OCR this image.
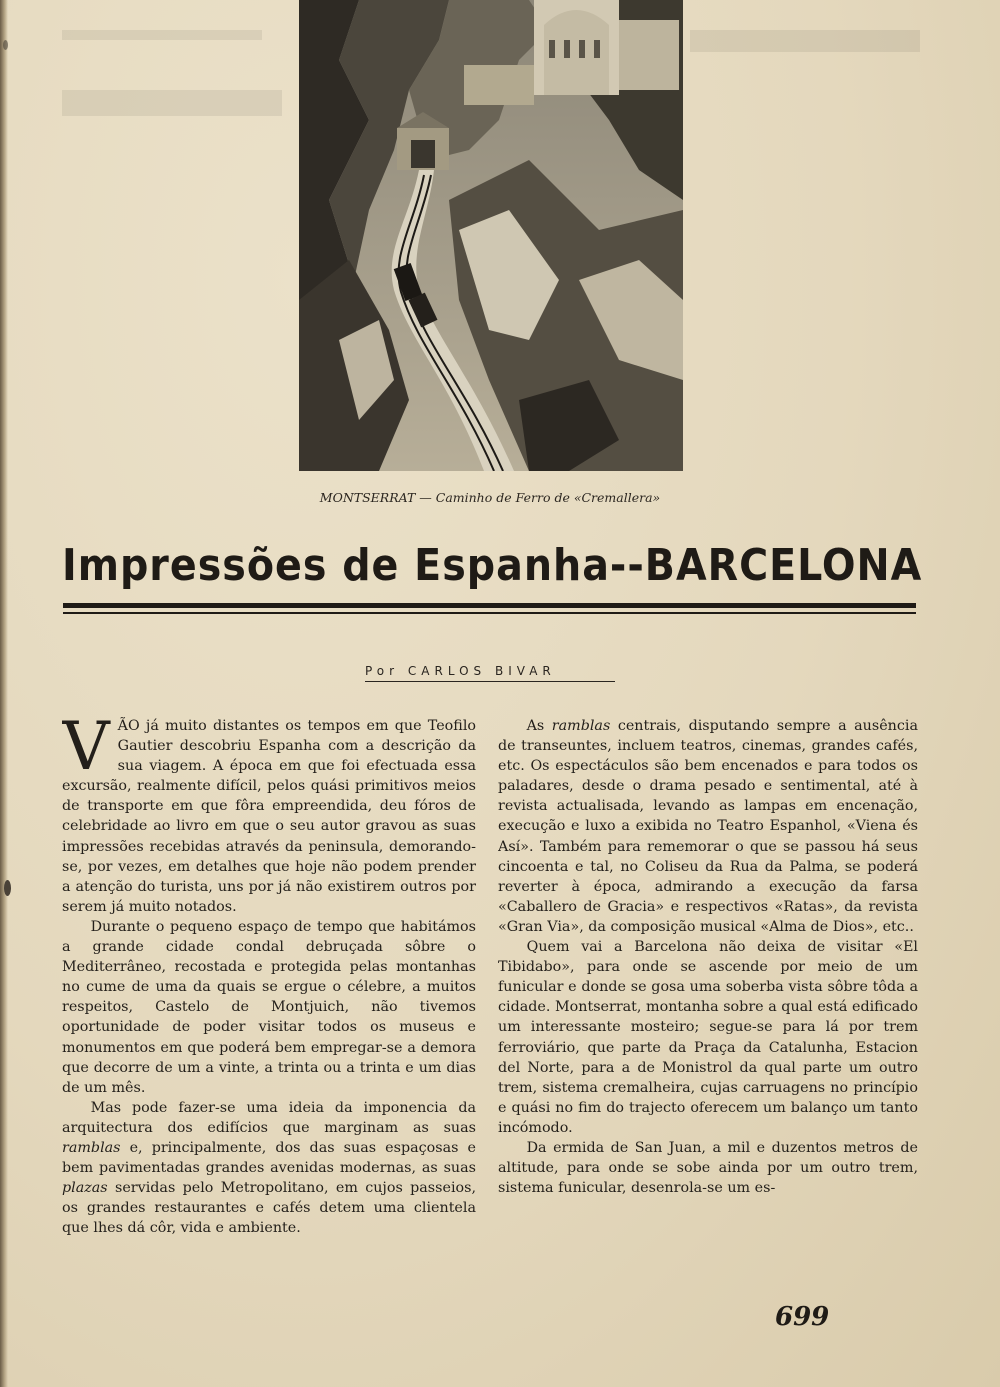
MONTSERRAT — Caminho de Ferro de «Cremallera»
Impressões de Espanha--BARCELONA
Por CARLOS BIVAR

VÃO já muito distantes os tempos em que Teofilo Gautier descobriu Espanha com a descrição da sua viagem. A época em que foi efectuada essa excursão, realmente difícil, pelos quási primitivos meios de transporte em que fôra empreendida, deu fóros de celebridade ao livro em que o seu autor gravou as suas impressões recebidas através da peninsula, demorando-se, por vezes, em detalhes que hoje não podem prender a atenção do turista, uns por já não existirem outros por serem já muito notados.

Durante o pequeno espaço de tempo que habitámos a grande cidade condal debruçada sôbre o Mediterrâneo, recostada e protegida pelas montanhas no cume de uma da quais se ergue o célebre, a muitos respeitos, Castelo de Montjuich, não tivemos oportunidade de poder visitar todos os museus e monumentos em que poderá bem empregar-se a demora que decorre de um a vinte, a trinta ou a trinta e um dias de um mês.

Mas pode fazer-se uma ideia da imponencia da arquitectura dos edifícios que marginam as suas ramblas e, principalmente, dos das suas espaçosas e bem pavimentadas grandes avenidas modernas, as suas plazas servidas pelo Metropolitano, em cujos passeios, os grandes restaurantes e cafés detem uma clientela que lhes dá côr, vida e ambiente.

As ramblas centrais, disputando sempre a ausência de transeuntes, incluem teatros, cinemas, grandes cafés, etc. Os espectáculos são bem encenados e para todos os paladares, desde o drama pesado e sentimental, até à revista actualisada, levando as lampas em encenação, execução e luxo a exibida no Teatro Espanhol, «Viena és Así». Também para rememorar o que se passou há seus cincoenta e tal, no Coliseu da Rua da Palma, se poderá reverter à época, admirando a execução da farsa «Caballero de Gracia» e respectivos «Ratas», da revista «Gran Via», da composição musical «Alma de Dios», etc..

Quem vai a Barcelona não deixa de visitar «El Tibidabo», para onde se ascende por meio de um funicular e donde se gosa uma soberba vista sôbre tôda a cidade. Montserrat, montanha sobre a qual está edificado um interessante mosteiro; segue-se para lá por trem ferroviário, que parte da Praça da Catalunha, Estacion del Norte, para a de Monistrol da qual parte um outro trem, sistema cremalheira, cujas carruagens no princípio e quási no fim do trajecto oferecem um balanço um tanto incómodo.

Da ermida de San Juan, a mil e duzentos metros de altitude, para onde se sobe ainda por um outro trem, sistema funicular, desenrola-se um es-

699
